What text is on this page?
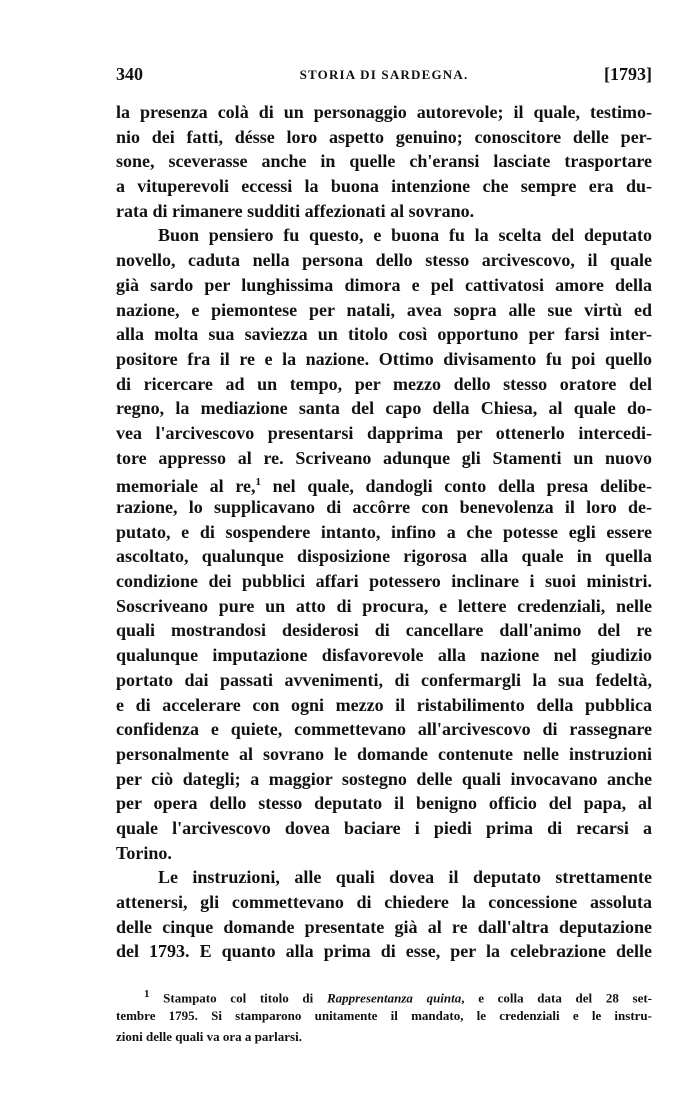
340	STORIA DI SARDEGNA.	[1793]
la presenza colà di un personaggio autorevole; il quale, testimo-
nio dei fatti, désse loro aspetto genuino; conoscitore delle per-
sone, sceverasse anche in quelle ch'eransi lasciate trasportare
a vituperevoli eccessi la buona intenzione che sempre era du-
rata di rimanere sudditi affezionati al sovrano.
Buon pensiero fu questo, e buona fu la scelta del deputato
novello, caduta nella persona dello stesso arcivescovo, il quale
già sardo per lunghissima dimora e pel cattivatosi amore della
nazione, e piemontese per natali, avea sopra alle sue virtù ed
alla molta sua saviezza un titolo così opportuno per farsi inter-
positore fra il re e la nazione. Ottimo divisamento fu poi quello
di ricercare ad un tempo, per mezzo dello stesso oratore del
regno, la mediazione santa del capo della Chiesa, al quale do-
vea l'arcivescovo presentarsi dapprima per ottenerlo intercedi-
tore appresso al re. Scriveano adunque gli Stamenti un nuovo
memoriale al re,$^1$ nel quale, dandogli conto della presa delibe-
razione, lo supplicavano di accôrre con benevolenza il loro de-
putato, e di sospendere intanto, infino a che potesse egli essere
ascoltato, qualunque disposizione rigorosa alla quale in quella
condizione dei pubblici affari potessero inclinare i suoi ministri.
Soscriveano pure un atto di procura, e lettere credenziali, nelle
quali mostrandosi desiderosi di cancellare dall'animo del re
qualunque imputazione disfavorevole alla nazione nel giudizio
portato dai passati avvenimenti, di confermargli la sua fedeltà,
e di accelerare con ogni mezzo il ristabilimento della pubblica
confidenza e quiete, commettevano all'arcivescovo di rassegnare
personalmente al sovrano le domande contenute nelle instruzioni
per ciò dategli; a maggior sostegno delle quali invocavano anche
per opera dello stesso deputato il benigno officio del papa, al
quale l'arcivescovo dovea baciare i piedi prima di recarsi a
Torino.
Le instruzioni, alle quali dovea il deputato strettamente
attenersi, gli commettevano di chiedere la concessione assoluta
delle cinque domande presentate già al re dall'altra deputazione
del 1793. E quanto alla prima di esse, per la celebrazione delle
$^1$ Stampato col titolo di Rappresentanza quinta, e colla data del 28 set-
tembre 1795. Si stamparono unitamente il mandato, le credenziali e le instru-
zioni delle quali va ora a parlarsi.
